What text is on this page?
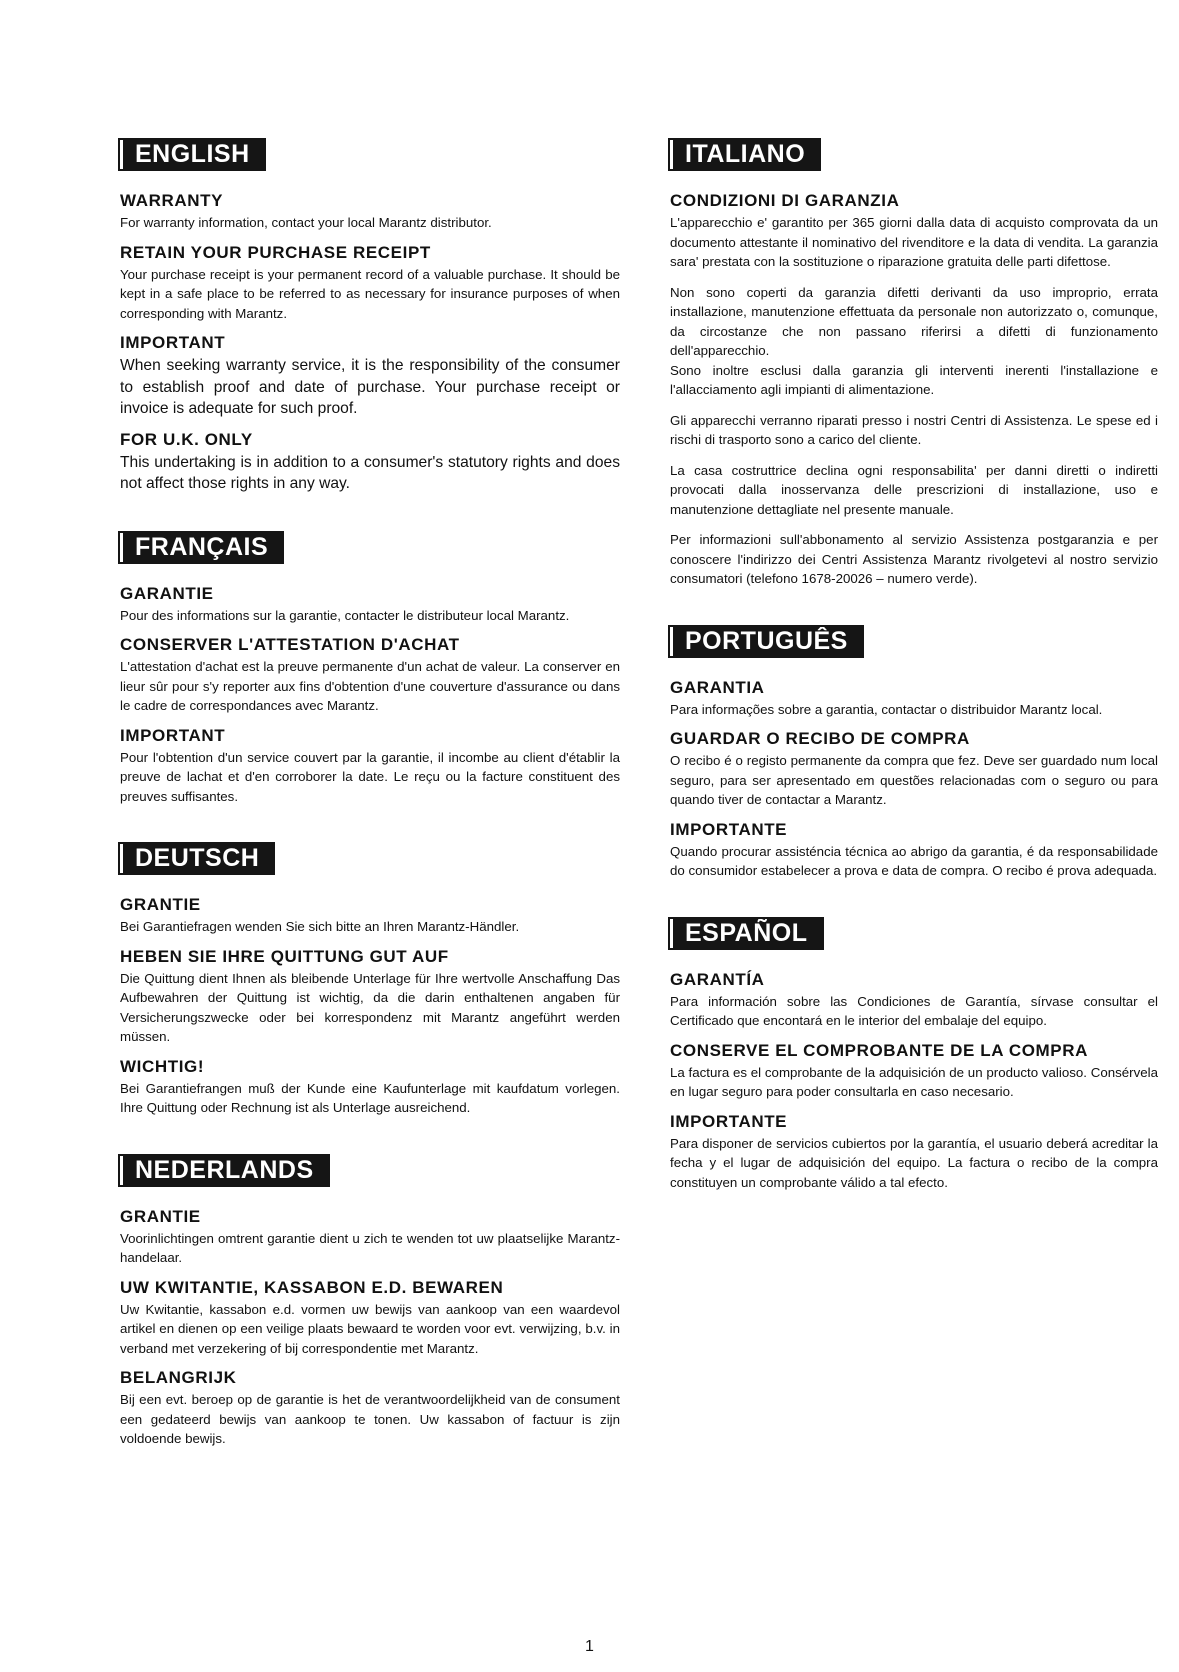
ENGLISH
WARRANTY

For warranty information, contact your local Marantz distributor.

RETAIN YOUR PURCHASE RECEIPT

Your purchase receipt is your permanent record of a valuable purchase. It should be kept in a safe place to be referred to as necessary for insurance purposes of when corresponding with Marantz.

IMPORTANT

When seeking warranty service, it is the responsibility of the consumer to establish proof and date of purchase. Your purchase receipt or invoice is adequate for such proof.

FOR U.K. ONLY

This undertaking is in addition to a consumer's statutory rights and does not affect those rights in any way.

FRANÇAIS
GARANTIE

Pour des informations sur la garantie, contacter le distributeur local Marantz.

CONSERVER L'ATTESTATION D'ACHAT

L'attestation d'achat est la preuve permanente d'un achat de valeur. La conserver en lieur sûr pour s'y reporter aux fins d'obtention d'une couverture d'assurance ou dans le cadre de correspondances avec Marantz.

IMPORTANT

Pour l'obtention d'un service couvert par la garantie, il incombe au client d'établir la preuve de lachat et d'en corroborer la date. Le reçu ou la facture constituent des preuves suffisantes.

DEUTSCH
GRANTIE

Bei Garantiefragen wenden Sie sich bitte an Ihren Marantz-Händler.

HEBEN SIE IHRE QUITTUNG GUT AUF

Die Quittung dient Ihnen als bleibende Unterlage für Ihre wertvolle Anschaffung Das Aufbewahren der Quittung ist wichtig, da die darin enthaltenen angaben für Versicherungszwecke oder bei korrespondenz mit Marantz angeführt werden müssen.

WICHTIG!

Bei Garantiefrangen muß der Kunde eine Kaufunterlage mit kaufdatum vorlegen. Ihre Quittung oder Rechnung ist als Unterlage ausreichend.

NEDERLANDS
GRANTIE

Voorinlichtingen omtrent garantie dient u zich te wenden tot uw plaatselijke Marantz-handelaar.

UW KWITANTIE, KASSABON E.D. BEWAREN

Uw Kwitantie, kassabon e.d. vormen uw bewijs van aankoop van een waardevol artikel en dienen op een veilige plaats bewaard te worden voor evt. verwijzing, b.v. in verband met verzekering of bij correspondentie met Marantz.

BELANGRIJK

Bij een evt. beroep op de garantie is het de verantwoordelijkheid van de consument een gedateerd bewijs van aankoop te tonen. Uw kassabon of factuur is zijn voldoende bewijs.

ITALIANO
CONDIZIONI DI GARANZIA

L'apparecchio e' garantito per 365 giorni dalla data di acquisto comprovata da un documento attestante il nominativo del rivenditore e la data di vendita. La garanzia sara' prestata con la sostituzione o riparazione gratuita delle parti difettose.

Non sono coperti da garanzia difetti derivanti da uso improprio, errata installazione, manutenzione effettuata da personale non autorizzato o, comunque, da circostanze che non passano riferirsi a difetti di funzionamento dell'apparecchio.

Sono inoltre esclusi dalla garanzia gli interventi inerenti l'installazione e l'allacciamento agli impianti di alimentazione.

Gli apparecchi verranno riparati presso i nostri Centri di Assistenza. Le spese ed i rischi di trasporto sono a carico del cliente.

La casa costruttrice declina ogni responsabilita' per danni diretti o indiretti provocati dalla inosservanza delle prescrizioni di installazione, uso e manutenzione dettagliate nel presente manuale.

Per informazioni sull'abbonamento al servizio Assistenza postgaranzia e per conoscere l'indirizzo dei Centri Assistenza Marantz rivolgetevi al nostro servizio consumatori (telefono 1678-20026 – numero verde).

PORTUGUÊS
GARANTIA

Para informações sobre a garantia, contactar o distribuidor Marantz local.

GUARDAR O RECIBO DE COMPRA

O recibo é o registo permanente da compra que fez. Deve ser guardado num local seguro, para ser apresentado em questões relacionadas com o seguro ou para quando tiver de contactar a Marantz.

IMPORTANTE

Quando procurar assisténcia técnica ao abrigo da garantia, é da responsabilidade do consumidor estabelecer a prova e data de compra. O recibo é prova adequada.

ESPAÑOL
GARANTÍA

Para información sobre las Condiciones de Garantía, sírvase consultar el Certificado que encontará en le interior del embalaje del equipo.

CONSERVE EL COMPROBANTE DE LA COMPRA

La factura es el comprobante de la adquisición de un producto valioso. Consérvela en lugar seguro para poder consultarla en caso necesario.

IMPORTANTE

Para disponer de servicios cubiertos por la garantía, el usuario deberá acreditar la fecha y el lugar de adquisición del equipo. La factura o recibo de la compra constituyen un comprobante válido a tal efecto.

1
